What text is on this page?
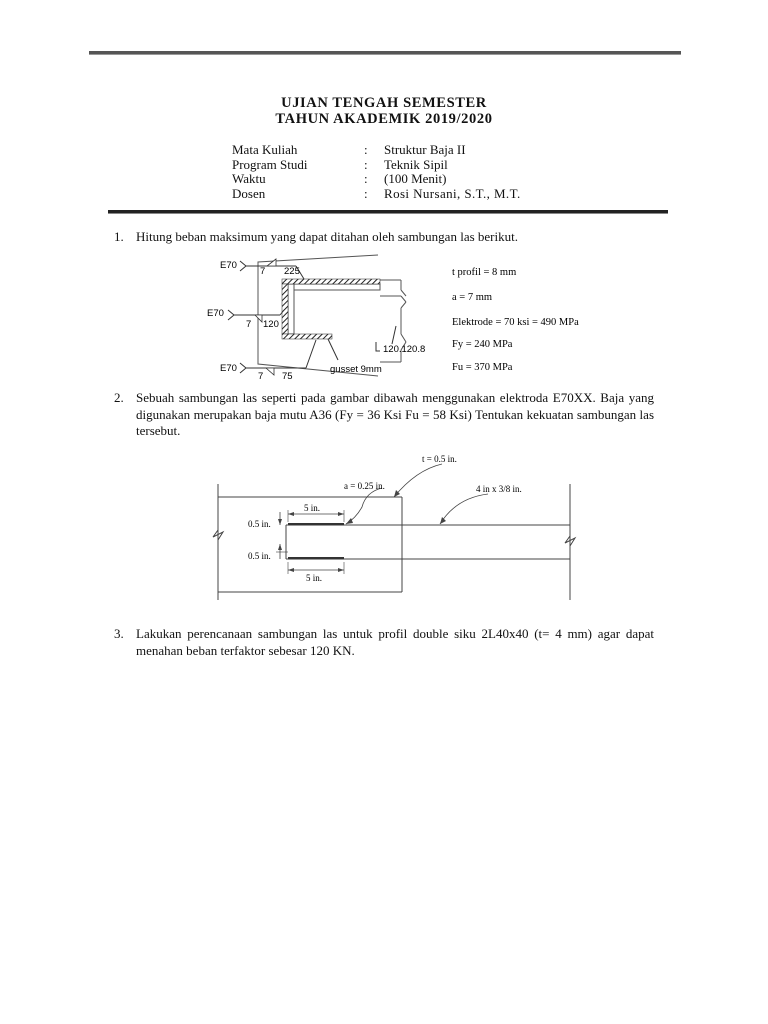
UJIAN TENGAH SEMESTER
TAHUN AKADEMIK 2019/2020
Mata Kuliah	: Struktur Baja II
Program Studi	: Teknik Sipil
Waktu	: (100 Menit)
Dosen	: Rosi Nursani, S.T., M.T.
1. Hitung beban maksimum yang dapat ditahan oleh sambungan las berikut.
E70
7 225
E70
7 120
E70
7 75
gusset 9mm
120.120.8
t profil = 8 mm
a = 7 mm
Elektrode = 70 ksi = 490 MPa
Fy = 240 MPa
Fu = 370 MPa
2. Sebuah sambungan las seperti pada gambar dibawah menggunakan elektroda E70XX. Baja yang digunakan merupakan baja mutu A36 (Fy = 36 Ksi Fu = 58 Ksi) Tentukan kekuatan sambungan las tersebut.
5 in.
5 in.
0.5 in.
0.5 in.
t = 0.5 in.
a = 0.25 in.	4 in x 3/8 in.
3. Lakukan perencanaan sambungan las untuk profil double siku 2L40x40 (t= 4 mm) agar dapat menahan beban terfaktor sebesar 120 KN.
